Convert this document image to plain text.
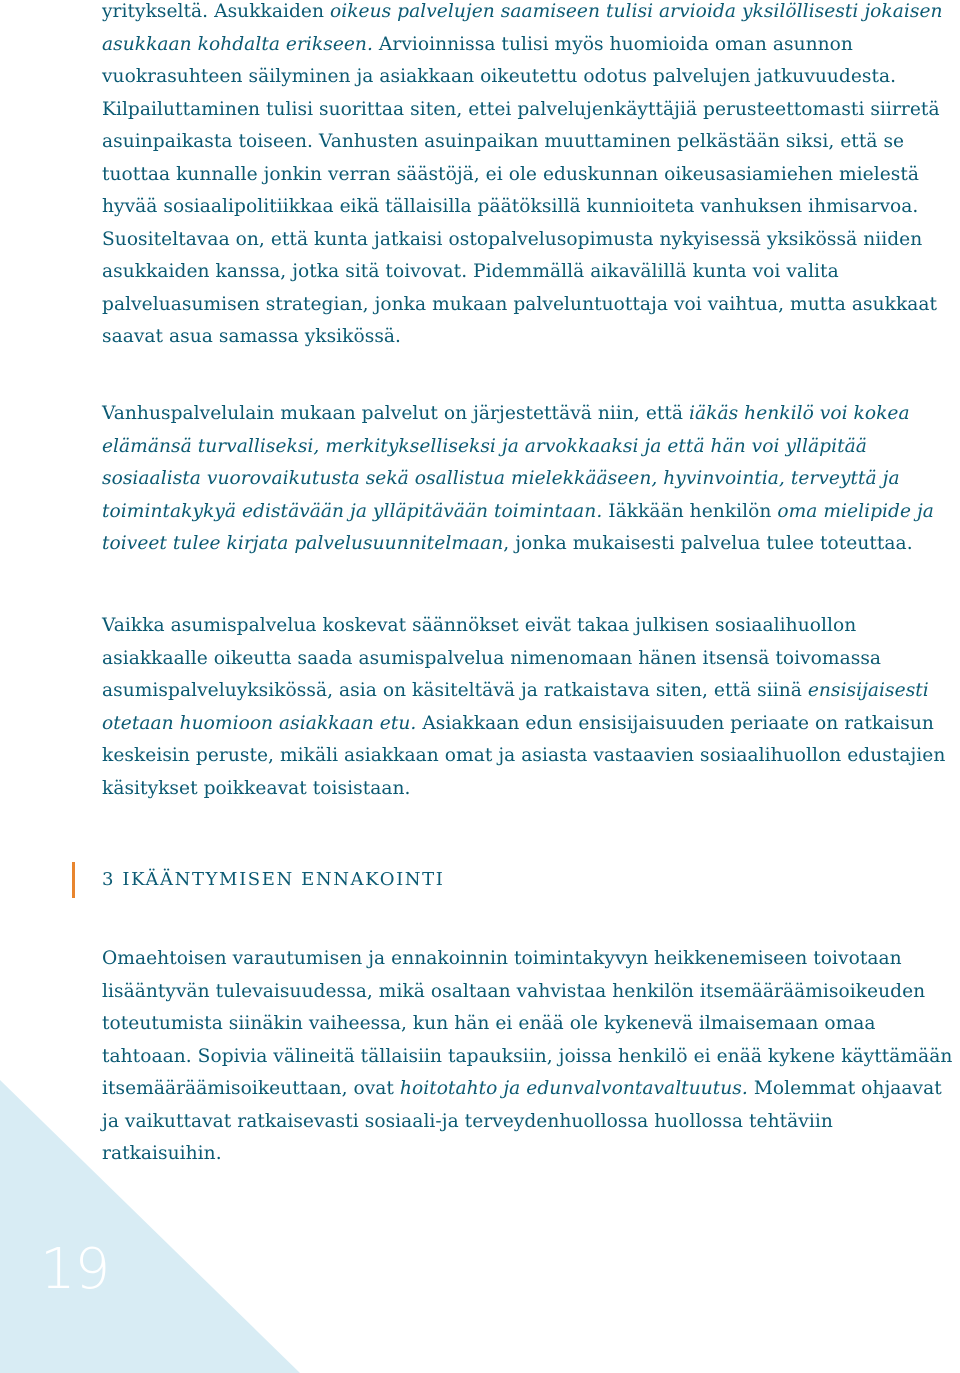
19

yritykseltä. Asukkaiden oikeus palvelujen saamiseen tulisi arvioida yksilöllisesti jokaisen asukkaan kohdalta erikseen. Arvioinnissa tulisi myös huomioida oman asunnon vuokrasuhteen säilyminen ja asiakkaan oikeutettu odotus palvelujen jatkuvuudesta. Kilpailuttaminen tulisi suorittaa siten, ettei palvelujenkäyttäjiä perusteettomasti siirretä asuinpaikasta toiseen. Vanhusten asuinpaikan muuttaminen pelkästään siksi, että se tuottaa kunnalle jonkin verran säästöjä, ei ole eduskunnan oikeusasiamiehen mielestä hyvää sosiaalipolitiikkaa eikä tällaisilla päätöksillä kunnioiteta vanhuksen ihmisarvoa. Suositeltavaa on, että kunta jatkaisi ostopalvelusopimusta nykyisessä yksikössä niiden asukkaiden kanssa, jotka sitä toivovat. Pidemmällä aikavälillä kunta voi valita palveluasumisen strategian, jonka mukaan palveluntuottaja voi vaihtua, mutta asukkaat saavat asua samassa yksikössä.

Vanhuspalvelulain mukaan palvelut on järjestettävä niin, että iäkäs henkilö voi kokea elämänsä turvalliseksi, merkitykselliseksi ja arvokkaaksi ja että hän voi ylläpitää sosiaalista vuorovaikutusta sekä osallistua mielekkääseen, hyvinvointia, terveyttä ja toimintakykyä edistävään ja ylläpitävään toimintaan. Iäkkään henkilön oma mielipide ja toiveet tulee kirjata palvelusuunnitelmaan, jonka mukaisesti palvelua tulee toteuttaa.

Vaikka asumispalvelua koskevat säännökset eivät takaa julkisen sosiaalihuollon asiakkaalle oikeutta saada asumispalvelua nimenomaan hänen itsensä toivomassa asumispalveluyksikössä, asia on käsiteltävä ja ratkaistava siten, että siinä ensisijaisesti otetaan huomioon asiakkaan etu. Asiakkaan edun ensisijaisuuden periaate on ratkaisun keskeisin peruste, mikäli asiakkaan omat ja asiasta vastaavien sosiaalihuollon edustajien käsitykset poikkeavat toisistaan.

Omaehtoisen varautumisen ja ennakoinnin toimintakyvyn heikkenemiseen toivotaan lisääntyvän tulevaisuudessa, mikä osaltaan vahvistaa henkilön itsemääräämisoikeuden toteutumista siinäkin vaiheessa, kun hän ei enää ole kykenevä ilmaisemaan omaa tahtoaan. Sopivia välineitä tällaisiin tapauksiin, joissa henkilö ei enää kykene käyttämään itsemääräämisoikeuttaan, ovat hoitotahto ja edunvalvontavaltuutus. Molemmat ohjaavat ja vaikuttavat ratkaisevasti sosiaali-ja terveydenhuollossa huollossa tehtäviin ratkaisuihin.

3 IKÄÄNTYMISEN ENNAKOINTI
